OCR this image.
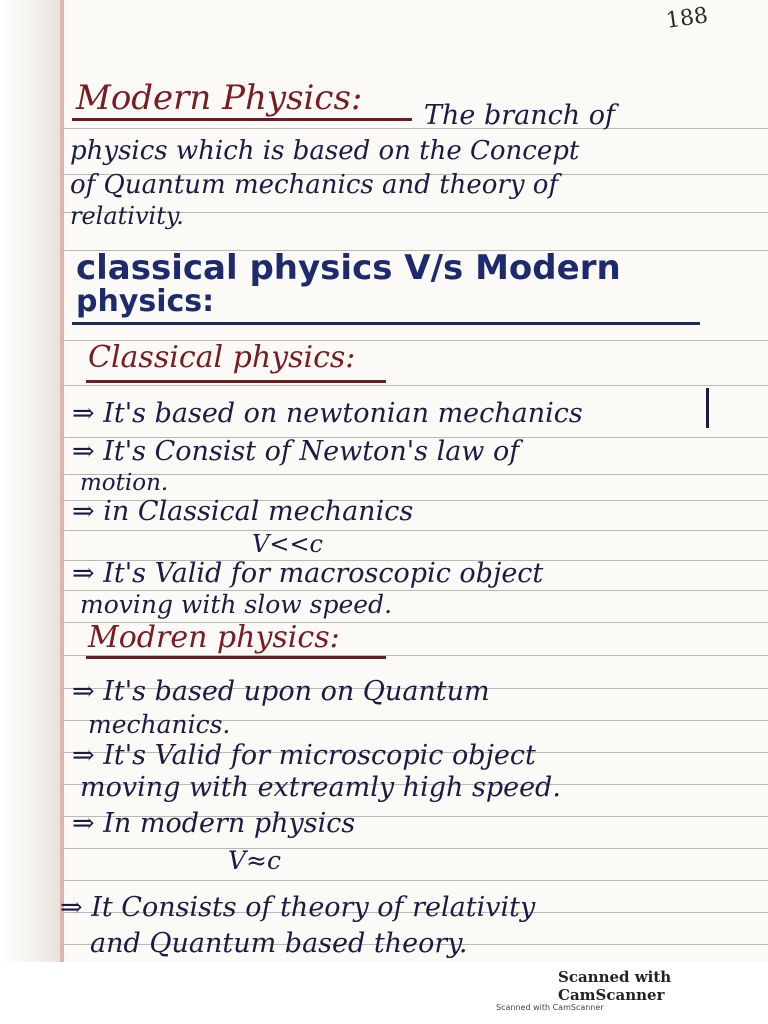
188
Modern Physics: The branch of
physics which is based on the Concept
of Quantum mechanics and theory of
relativity.
classical physics V/s Modern
physics:
Classical physics:
⇒ It's based on newtonian mechanics
⇒ It's Consist of Newton's law of
motion.
⇒ in Classical mechanics
V<<c
⇒ It's Valid for macroscopic object
moving with slow speed.
Modren physics:
⇒ It's based upon on Quantum
mechanics.
⇒ It's Valid for microscopic object
moving with extreamly high speed.
⇒ In modern physics
V≈c
⇒ It Consists of theory of relativity
and Quantum based theory.
Scanned with CamScanner
Scanned with CamScanner
